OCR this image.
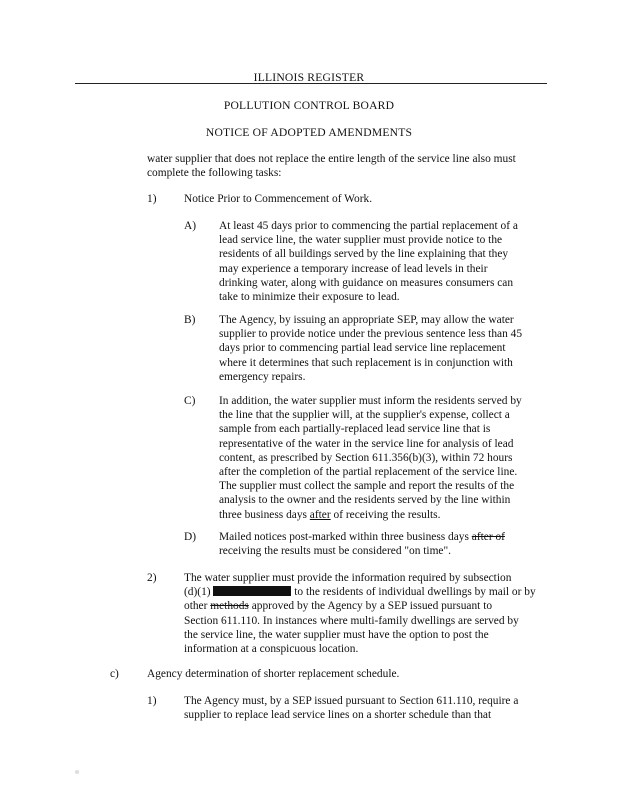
ILLINOIS REGISTER
POLLUTION CONTROL BOARD
NOTICE OF ADOPTED AMENDMENTS
water supplier that does not replace the entire length of the service line also must
complete the following tasks:
1) Notice Prior to Commencement of Work.
A) At least 45 days prior to commencing the partial replacement of a
lead service line, the water supplier must provide notice to the
residents of all buildings served by the line explaining that they
may experience a temporary increase of lead levels in their
drinking water, along with guidance on measures consumers can
take to minimize their exposure to lead.
B) The Agency, by issuing an appropriate SEP, may allow the water
supplier to provide notice under the previous sentence less than 45
days prior to commencing partial lead service line replacement
where it determines that such replacement is in conjunction with
emergency repairs.
C) In addition, the water supplier must inform the residents served by
the line that the supplier will, at the supplier's expense, collect a
sample from each partially-replaced lead service line that is
representative of the water in the service line for analysis of lead
content, as prescribed by Section 611.356(b)(3), within 72 hours
after the completion of the partial replacement of the service line.
The supplier must collect the sample and report the results of the
analysis to the owner and the residents served by the line within
three business days after of receiving the results.
D) Mailed notices post-marked within three business days after of
receiving the results must be considered "on time".
2) The water supplier must provide the information required by subsection
(d)(1)	to the residents of individual dwellings by mail or by
other methods approved by the Agency by a SEP issued pursuant to
Section 611.110. In instances where multi-family dwellings are served by
the service line, the water supplier must have the option to post the
information at a conspicuous location.
c) Agency determination of shorter replacement schedule.
1) The Agency must, by a SEP issued pursuant to Section 611.110, require a
supplier to replace lead service lines on a shorter schedule than that
